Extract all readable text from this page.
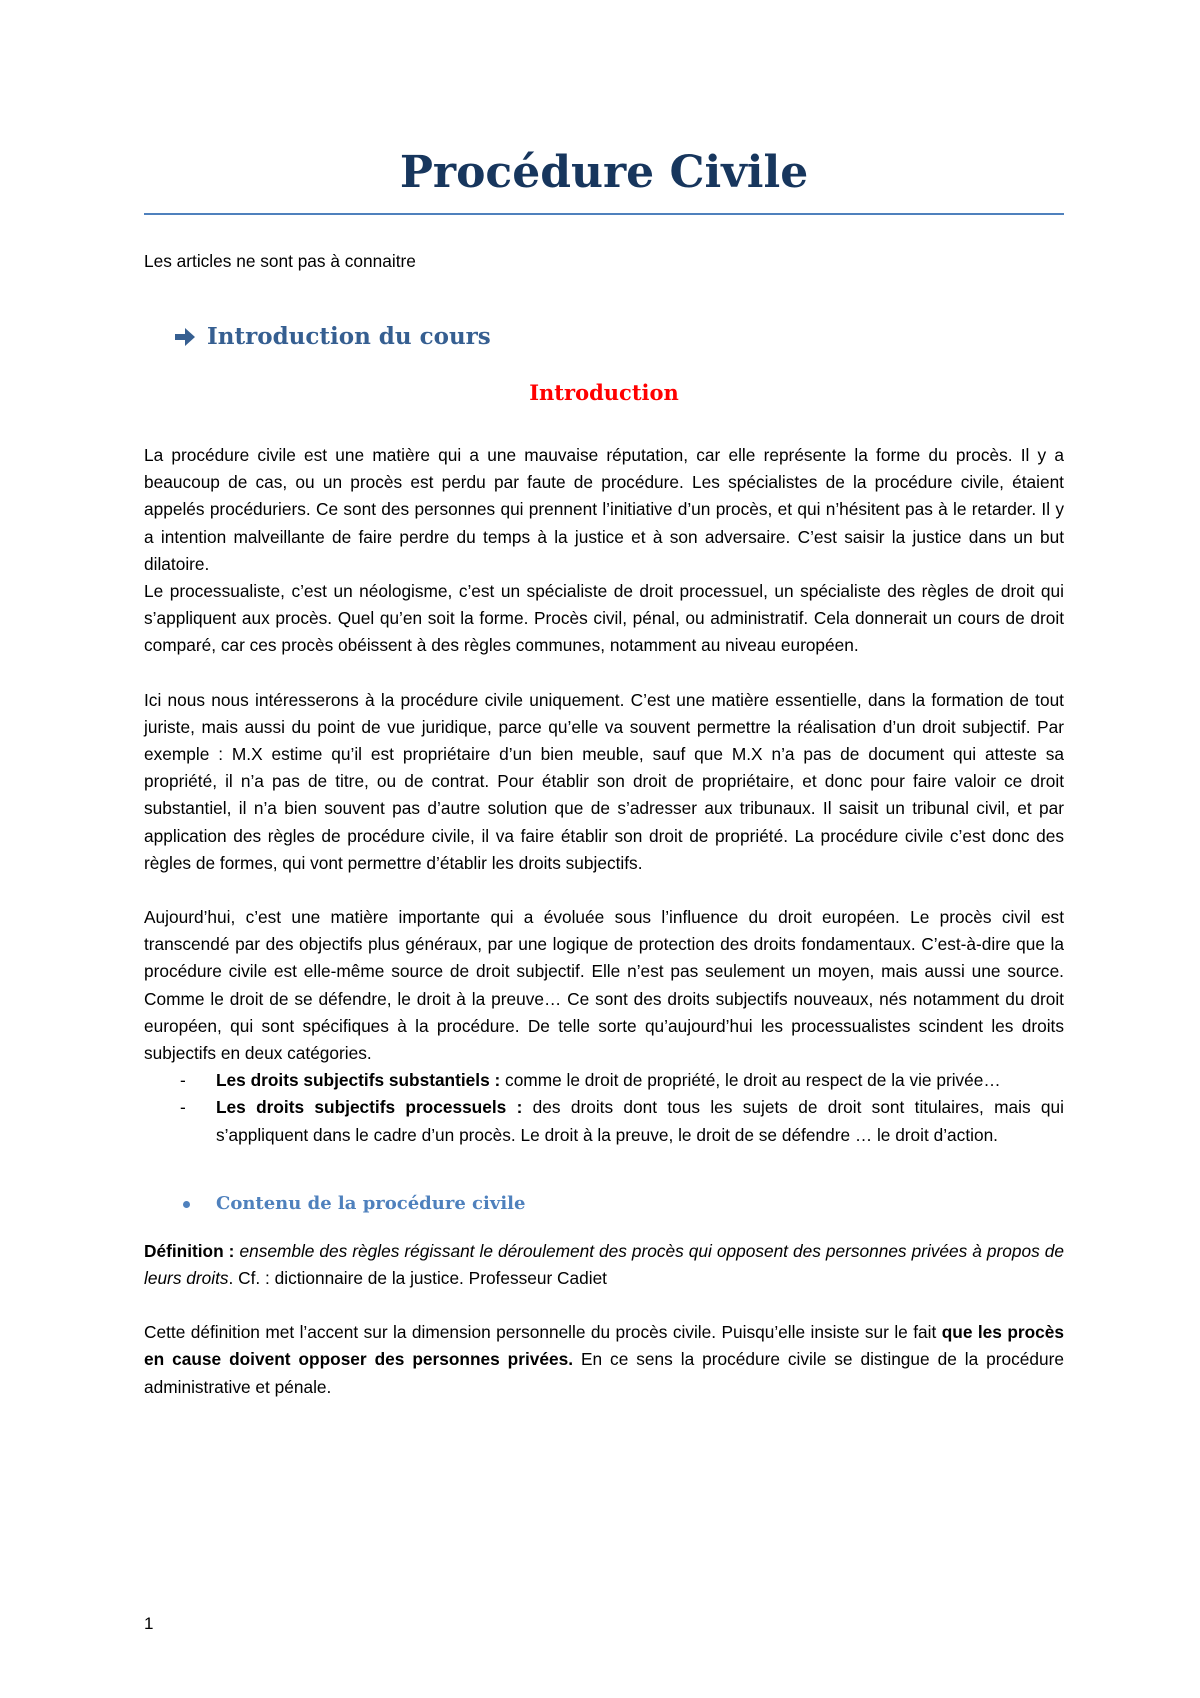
Procédure Civile

Les articles ne sont pas à connaitre

Introduction du cours
Introduction

La procédure civile est une matière qui a une mauvaise réputation, car elle représente la forme du procès. Il y a beaucoup de cas, ou un procès est perdu par faute de procédure. Les spécialistes de la procédure civile, étaient appelés procéduriers. Ce sont des personnes qui prennent l’initiative d’un procès, et qui n’hésitent pas à le retarder. Il y a intention malveillante de faire perdre du temps à la justice et à son adversaire. C’est saisir la justice dans un but dilatoire.

Le processualiste, c’est un néologisme, c’est un spécialiste de droit processuel, un spécialiste des règles de droit qui s’appliquent aux procès. Quel qu’en soit la forme. Procès civil, pénal, ou administratif. Cela donnerait un cours de droit comparé, car ces procès obéissent à des règles communes, notamment au niveau européen.

Ici nous nous intéresserons à la procédure civile uniquement. C’est une matière essentielle, dans la formation de tout juriste, mais aussi du point de vue juridique, parce qu’elle va souvent permettre la réalisation d’un droit subjectif. Par exemple : M.X estime qu’il est propriétaire d’un bien meuble, sauf que M.X n’a pas de document qui atteste sa propriété, il n’a pas de titre, ou de contrat. Pour établir son droit de propriétaire, et donc pour faire valoir ce droit substantiel, il n’a bien souvent pas d’autre solution que de s’adresser aux tribunaux. Il saisit un tribunal civil, et par application des règles de procédure civile, il va faire établir son droit de propriété. La procédure civile c’est donc des règles de formes, qui vont permettre d’établir les droits subjectifs.

Aujourd’hui, c’est une matière importante qui a évoluée sous l’influence du droit européen. Le procès civil est transcendé par des objectifs plus généraux, par une logique de protection des droits fondamentaux. C’est-à-dire que la procédure civile est elle-même source de droit subjectif. Elle n’est pas seulement un moyen, mais aussi une source. Comme le droit de se défendre, le droit à la preuve… Ce sont des droits subjectifs nouveaux, nés notamment du droit européen, qui sont spécifiques à la procédure. De telle sorte qu’aujourd’hui les processualistes scindent les droits subjectifs en deux catégories.

- Les droits subjectifs substantiels : comme le droit de propriété, le droit au respect de la vie privée…
- Les droits subjectifs processuels : des droits dont tous les sujets de droit sont titulaires, mais qui s’appliquent dans le cadre d’un procès. Le droit à la preuve, le droit de se défendre … le droit d’action.
Contenu de la procédure civile

Définition : ensemble des règles régissant le déroulement des procès qui opposent des personnes privées à propos de leurs droits. Cf. : dictionnaire de la justice. Professeur Cadiet

Cette définition met l’accent sur la dimension personnelle du procès civile. Puisqu’elle insiste sur le fait que les procès en cause doivent opposer des personnes privées. En ce sens la procédure civile se distingue de la procédure administrative et pénale.

1
